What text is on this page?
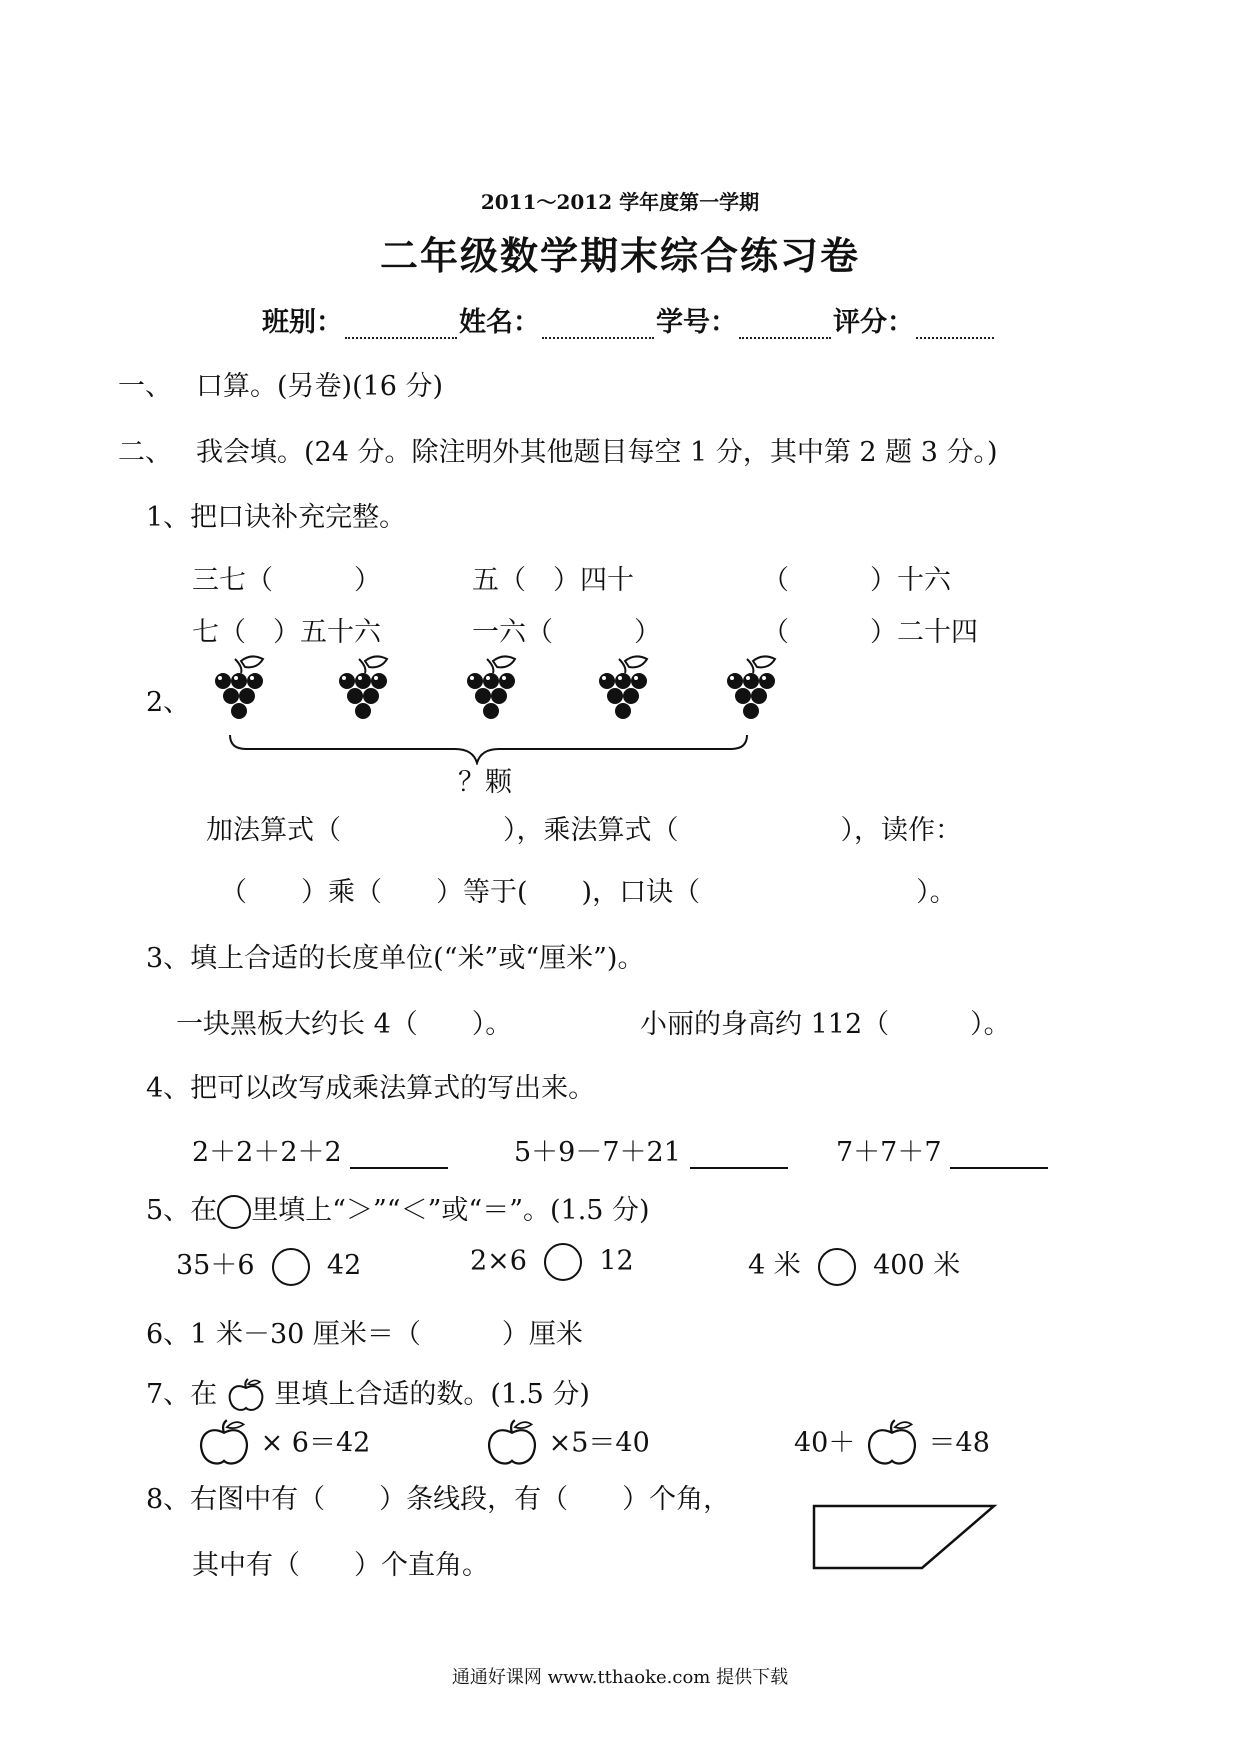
2011～2012 学年度第一学期
二年级数学期末综合练习卷
班别：	姓名：	学号：	评分：
一、 口算。(另卷)(16 分)
二、 我会填。(24 分。除注明外其他题目每空 1 分，其中第 2 题 3 分。)
1、把口诀补充完整。
三七（　　　）	五（　）四十	（　　　）十六
七（　）五十六	一六（　　　）	（　　　）二十四
2、
？颗
加法算式（　　　　　　），乘法算式（　　　　　　），读作：
（　　）乘（　　）等于(　　)，口诀（　　　　　　　　）。
3、填上合适的长度单位(“米”或“厘米”)。
一块黑板大约长 4（　　）。	小丽的身高约 112（　　　）。
4、把可以改写成乘法算式的写出来。
2＋2＋2＋2	5＋9－7＋21	7＋7＋7
5、在 里填上“＞”“＜”或“＝”。(1.5 分)
35＋6	42	2×6	12	4 米	400 米
6、1 米－30 厘米＝（　　　）厘米
7、在 里填上合适的数。(1.5 分)
× 6＝42	×5＝40	40＋	＝48
8、右图中有（　　）条线段，有（　　）个角，
其中有（　　）个直角。
通通好课网 www.tthaoke.com 提供下载
